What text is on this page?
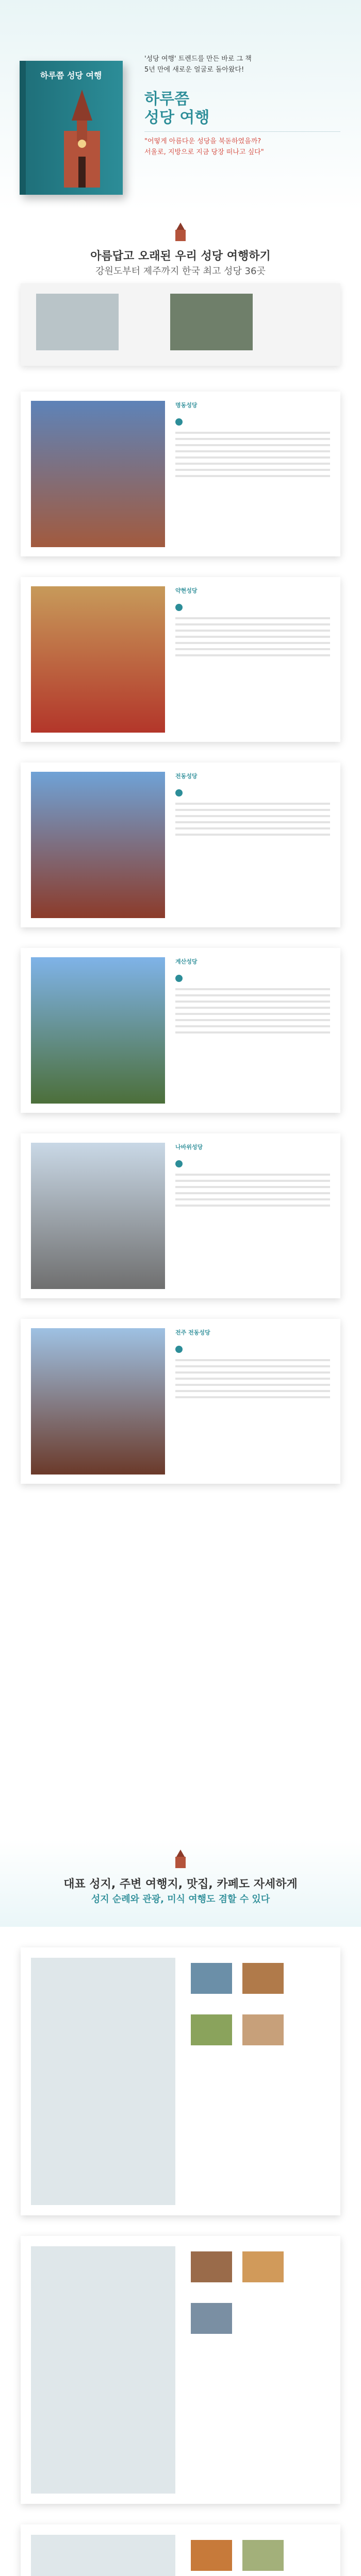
하루쯤 성당 여행
'성당 여행' 트렌드를 만든 바로 그 책
5년 만에 새로운 얼굴로 돌아왔다!
하루쯤
성당 여행
"어떻게 아름다운 성당을 북돋하였을까?
서울로, 지방으로 지금 당장 떠나고 싶다"
아름답고 오래된 우리 성당 여행하기
강원도부터 제주까지 한국 최고 성당 36곳
명동성당
약현성당
전동성당
계산성당
나바위성당
전주 전동성당
대표 성지, 주변 여행지, 맛집, 카페도 자세하게
성지 순례와 관광, 미식 여행도 겸할 수 있다
